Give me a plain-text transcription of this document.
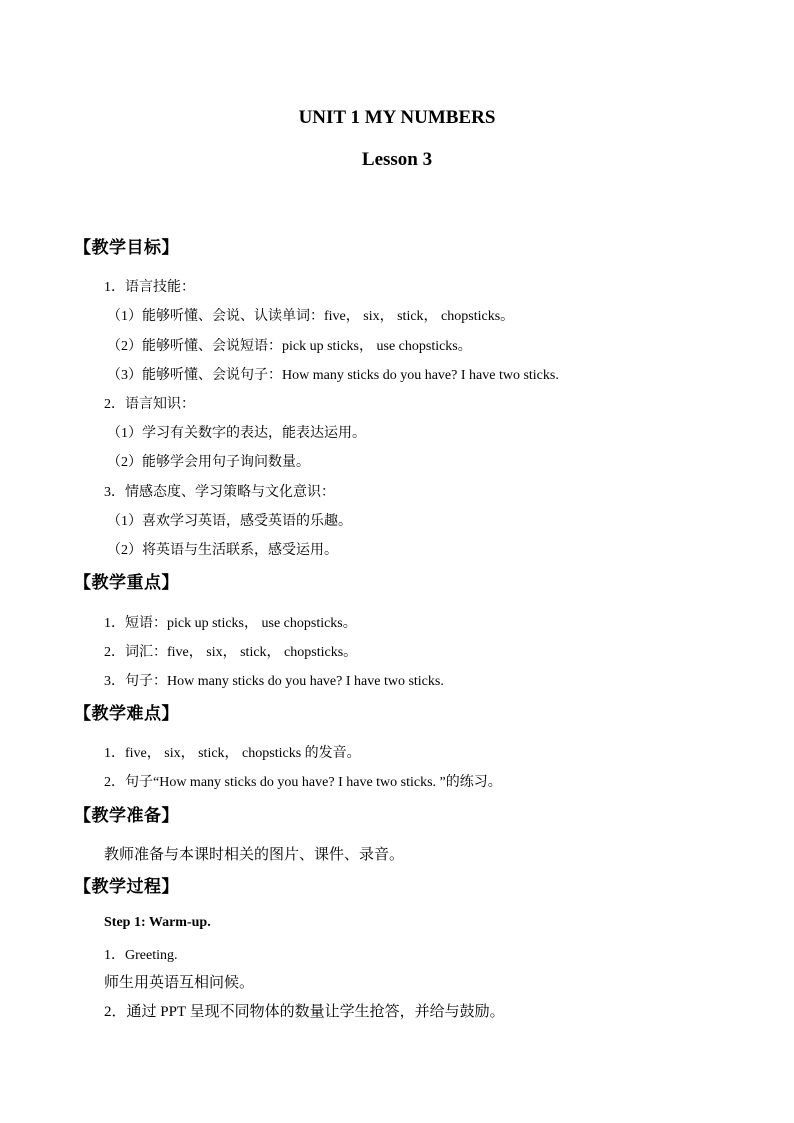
UNIT 1 MY NUMBERS
Lesson 3
【教学目标】
1．语言技能：
（1）能够听懂、会说、认读单词：five， six， stick， chopsticks。
（2）能够听懂、会说短语：pick up sticks， use chopsticks。
（3）能够听懂、会说句子：How many sticks do you have? I have two sticks.
2．语言知识：
（1）学习有关数字的表达，能表达运用。
（2）能够学会用句子询问数量。
3．情感态度、学习策略与文化意识：
（1）喜欢学习英语，感受英语的乐趣。
（2）将英语与生活联系，感受运用。
【教学重点】
1．短语：pick up sticks， use chopsticks。
2．词汇：five， six， stick， chopsticks。
3．句子：How many sticks do you have? I have two sticks.
【教学难点】
1．five， six， stick， chopsticks 的发音。
2．句子“How many sticks do you have? I have two sticks. ”的练习。
【教学准备】
教师准备与本课时相关的图片、课件、录音。
【教学过程】
Step 1: Warm-up.
1．Greeting.
师生用英语互相问候。
2．通过 PPT 呈现不同物体的数量让学生抢答，并给与鼓励。
